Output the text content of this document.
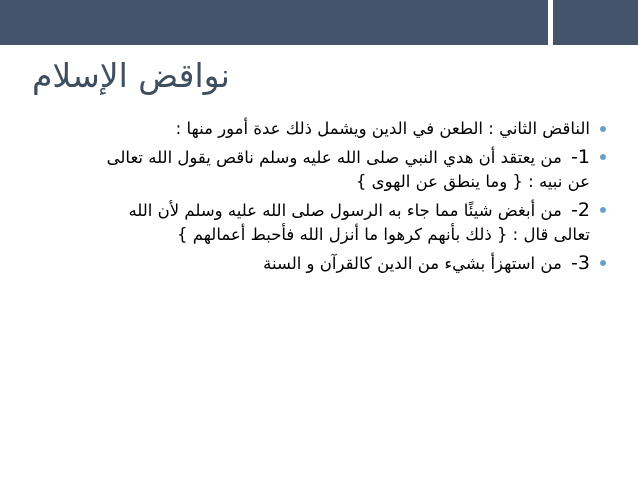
نواقض الإسلام
الناقض الثاني : الطعن في الدين ويشمل ذلك عدة أمور منها :
1- من يعتقد أن هدي النبي صلى الله عليه وسلم ناقص يقول الله تعالى
عن نبيه : { وما ينطق عن الهوى }
2- من أبغض شيئًا مما جاء به الرسول صلى الله عليه وسلم لأن الله
تعالى قال : { ذلك بأنهم كرهوا ما أنزل الله فأحبط أعمالهم }
3- من استهزأ بشيء من الدين كالقرآن و السنة
